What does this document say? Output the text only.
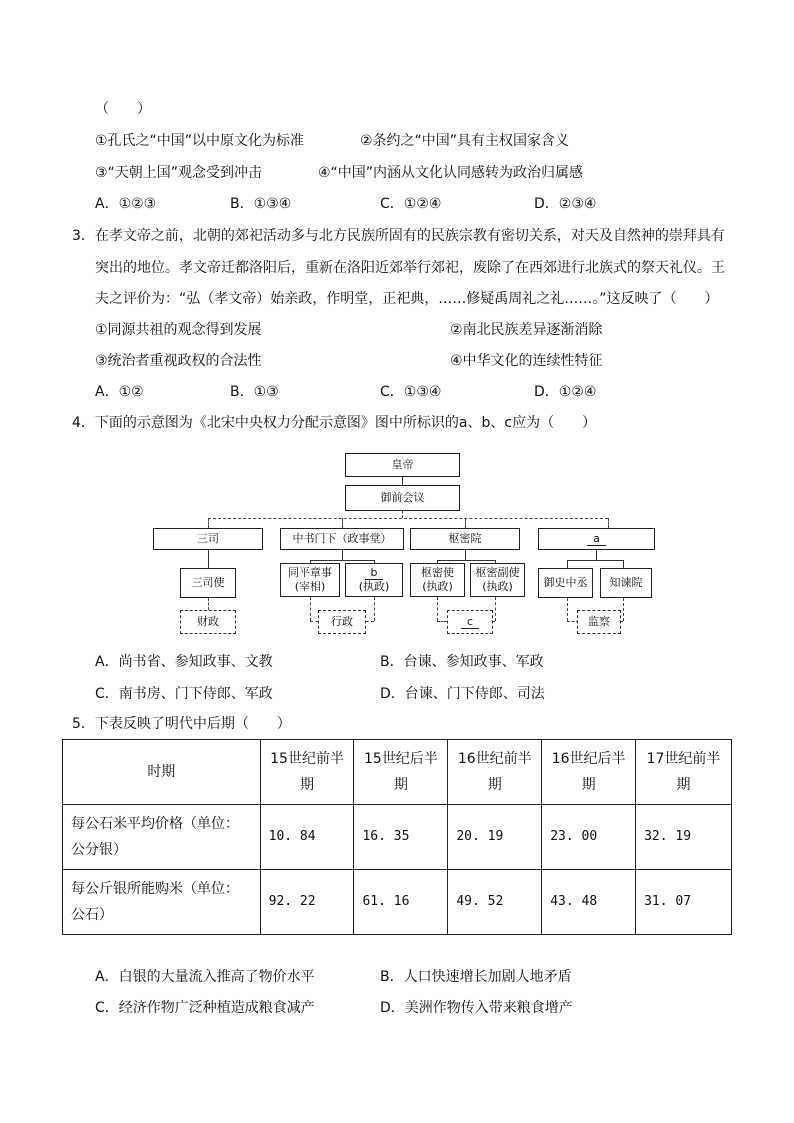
（　　）
①孔氏之“中国”以中原文化为标准	②条约之“中国”具有主权国家含义
③“天朝上国”观念受到冲击	④“中国”内涵从文化认同感转为政治归属感
A．①②③	B．①③④	C．①②④	D．②③④
3．在孝文帝之前，北朝的郊祀活动多与北方民族所固有的民族宗教有密切关系，对天及自然神的崇拜具有
突出的地位。孝文帝迁都洛阳后，重新在洛阳近郊举行郊祀，废除了在西郊进行北族式的祭天礼仪。王
夫之评价为：“弘（孝文帝）始亲政，作明堂，正祀典，……修疑禹周礼之礼……。”这反映了（　　）
①同源共祖的观念得到发展	②南北民族差异逐渐消除
③统治者重视政权的合法性	④中华文化的连续性特征
A．①②	B．①③	C．①③④	D．①②④
4．下面的示意图为《北宋中央权力分配示意图》图中所标识的a、b、c应为（　　）
皇帝
御前会议
三司	中书门下（政事堂）	枢密院	a
三司使
同平章事
(宰相)
b
(执政)
枢密使
(执政)
枢密副使
(执政)	御史中丞	知谏院
财政	行政	c	监察
A．尚书省、参知政事、文教	B．台谏、参知政事、军政
C．南书房、门下侍郎、军政	D．台谏、门下侍郎、司法
5．下表反映了明代中后期（　　）
时期	15世纪前半期	15世纪后半期	16世纪前半期	16世纪后半期	17世纪前半期
每公石米平均价格（单位：公分银）	10. 84	16. 35	20. 19	23. 00	32. 19
每公斤银所能购米（单位：公石）	92. 22	61. 16	49. 52	43. 48	31. 07
A．白银的大量流入推高了物价水平	B．人口快速增长加剧人地矛盾
C．经济作物广泛种植造成粮食减产	D．美洲作物传入带来粮食增产
